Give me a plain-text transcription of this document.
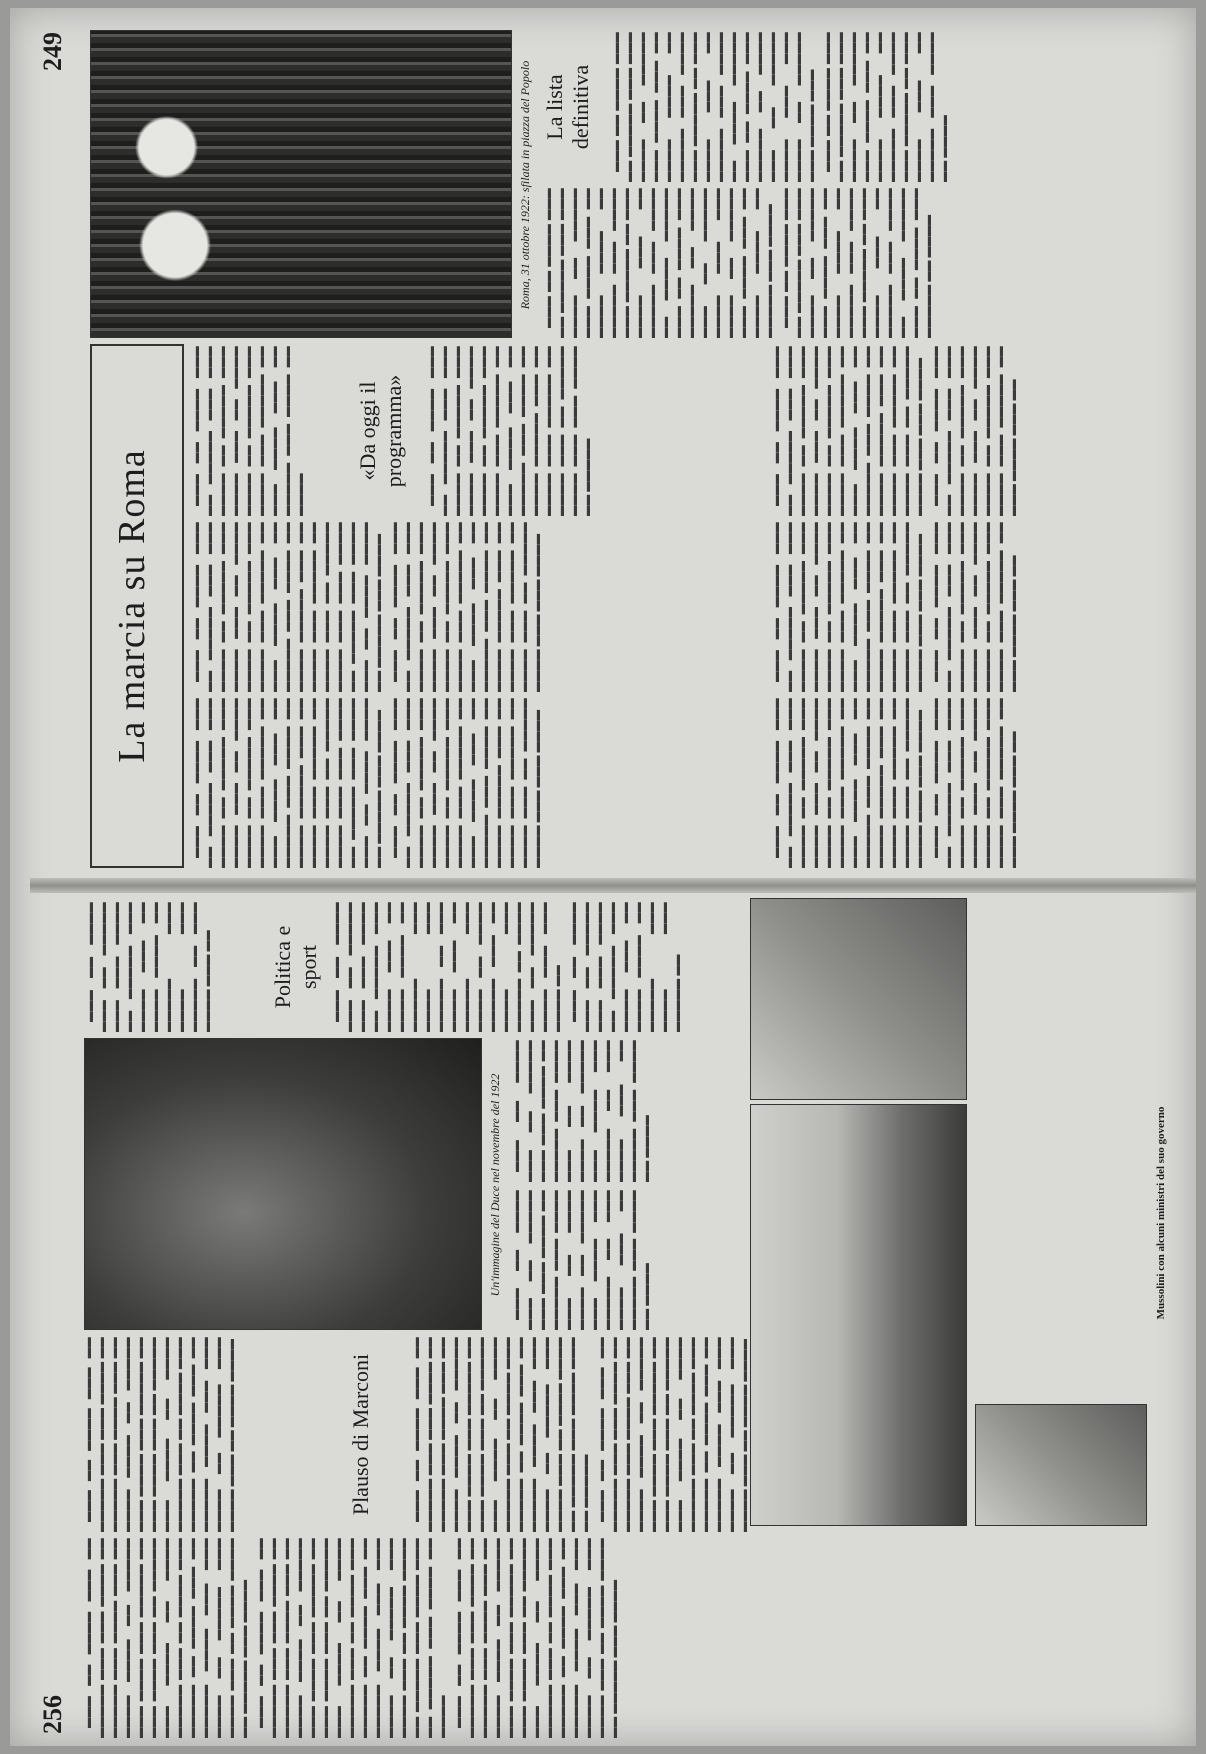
256 ▬▬▬ ▬▬ ▬▬▬▬ ▬▬▬ ▬▬ ▬▬▬▬▬ ▬▬▬ ▬▬▬ ▬▬▬▬ ▬▬ ▬▬▬▬▬ ▬▬▬ ▬▬▬▬ ▬▬▬ ▬▬ ▬▬▬▬ ▬▬▬▬ ▬▬ ▬▬▬▬▬ ▬▬▬ ▬▬▬▬ ▬▬▬ ▬▬▬▬▬ ▬▬ ▬▬▬ ▬▬▬▬ ▬▬▬ ▬▬ ▬▬▬▬▬ ▬▬▬ ▬▬▬▬ ▬▬ ▬▬▬▬ ▬▬▬▬▬ ▬▬▬ ▬▬ ▬▬▬▬ ▬▬▬ ▬▬▬▬▬ ▬▬ ▬▬▬▬ ▬▬▬ ▬▬ ▬▬▬▬▬ ▬▬▬▬ ▬▬▬ ▬▬▬ ▬▬▬▬ ▬▬ ▬▬▬▬▬ ▬▬▬ ▬▬▬▬ ▬▬▬ ▬▬ ▬▬▬▬ ▬▬▬▬ ▬▬ ▬▬▬▬▬ ▬▬▬ ▬▬▬▬ ▬▬▬ ▬▬ ▬▬▬▬ ▬▬▬ ▬▬ ▬▬▬▬▬ ▬▬▬ ▬▬▬ ▬▬▬▬ ▬▬ ▬▬▬▬▬ ▬▬▬ ▬▬▬▬ ▬▬▬ ▬▬ ▬▬▬▬ ▬▬▬▬ ▬▬ ▬▬▬▬▬ ▬▬▬ ▬▬▬▬ ▬▬▬ ▬▬▬▬▬ ▬▬ ▬▬▬ ▬▬▬▬ ▬▬▬ ▬▬ ▬▬▬▬▬ ▬▬▬ ▬▬▬▬ ▬▬ ▬▬▬▬ ▬▬▬▬▬ ▬▬▬ ▬▬ ▬▬▬▬ ▬▬▬ ▬▬▬▬▬ ▬▬ ▬▬▬▬ ▬▬▬ ▬▬ ▬▬▬▬▬ ▬▬▬▬ ▬▬▬ ▬▬▬ ▬▬▬▬ ▬▬ ▬▬▬▬▬ ▬▬▬ ▬▬▬▬ ▬▬▬ ▬▬ ▬▬▬▬ ▬▬▬▬ ▬▬ ▬▬▬▬▬ ▬▬▬ ▬▬▬▬ ▬▬▬ ▬▬ ▬▬▬▬▬ ▬▬▬ ▬▬▬▬ ▬▬ ▬▬▬▬ ▬▬▬ ▬▬ ▬▬▬▬ ▬▬▬ ▬▬ ▬▬▬▬▬ ▬▬▬ ▬▬▬ ▬▬▬▬ ▬▬ ▬▬▬▬▬ ▬▬▬ ▬▬▬▬ ▬▬▬ ▬▬ ▬▬▬▬ ▬▬▬▬ ▬▬ ▬▬▬▬▬ ▬▬▬ ▬▬▬▬ ▬▬▬ ▬▬▬▬▬ ▬▬ ▬▬▬ ▬▬▬▬ ▬▬▬ ▬▬ ▬▬▬▬▬ ▬▬▬ ▬▬▬▬ ▬▬ ▬▬▬▬ ▬▬▬▬▬ ▬▬▬ ▬▬ ▬▬▬▬ ▬▬▬ ▬▬▬▬▬ ▬▬ ▬▬▬▬ ▬▬▬ ▬▬ ▬▬▬▬▬ ▬▬▬▬ ▬▬▬ ▬▬▬ ▬▬▬▬ ▬▬ ▬▬▬▬▬ ▬▬▬ ▬▬▬▬ ▬▬▬ ▬▬ ▬▬▬▬ ▬▬▬▬ ▬▬ ▬▬▬▬▬ ▬▬▬ ▬▬▬▬

▬▬▬ ▬▬ ▬▬▬▬ ▬▬▬ ▬▬ ▬▬▬▬▬ ▬▬▬ ▬▬▬ ▬▬▬▬ ▬▬ ▬▬▬▬▬ ▬▬▬ ▬▬▬▬ ▬▬▬ ▬▬ ▬▬▬▬ ▬▬▬▬ ▬▬ ▬▬▬▬▬ ▬▬▬ ▬▬▬▬ ▬▬▬ ▬▬▬▬▬ ▬▬ ▬▬▬ ▬▬▬▬ ▬▬▬ ▬▬ ▬▬▬▬▬ ▬▬▬ ▬▬▬▬ ▬▬ ▬▬▬▬ ▬▬▬▬▬ ▬▬▬ ▬▬ ▬▬▬▬ ▬▬▬ ▬▬▬▬▬ ▬▬ ▬▬▬▬ ▬▬▬ ▬▬ ▬▬▬▬▬ ▬▬▬▬ ▬▬▬ ▬▬▬ ▬▬▬▬ ▬▬ ▬▬▬▬▬ ▬▬▬ ▬▬▬▬ ▬▬▬ ▬▬ ▬▬▬▬ ▬▬▬▬	Plauso di Marconi	▬▬▬ ▬▬ ▬▬▬▬ ▬▬▬ ▬▬ ▬▬▬▬▬ ▬▬▬ ▬▬▬ ▬▬▬▬ ▬▬ ▬▬▬▬▬ ▬▬▬ ▬▬▬▬ ▬▬▬ ▬▬ ▬▬▬▬ ▬▬▬▬ ▬▬ ▬▬▬▬▬ ▬▬▬ ▬▬▬▬ ▬▬▬ ▬▬▬▬▬ ▬▬ ▬▬▬ ▬▬▬▬ ▬▬▬ ▬▬ ▬▬▬▬▬ ▬▬▬ ▬▬▬▬ ▬▬ ▬▬▬▬ ▬▬▬▬▬ ▬▬▬ ▬▬ ▬▬▬▬ ▬▬▬ ▬▬▬▬▬ ▬▬ ▬▬▬▬ ▬▬▬ ▬▬ ▬▬▬▬▬ ▬▬▬▬ ▬▬▬ ▬▬▬ ▬▬▬▬ ▬▬ ▬▬▬▬▬ ▬▬▬ ▬▬▬▬ ▬▬▬ ▬▬ ▬▬▬▬ ▬▬▬▬ ▬▬ ▬▬▬▬▬ ▬▬▬ ▬▬▬▬ ▬▬▬ ▬▬ ▬▬▬▬▬ ▬▬▬ ▬▬ ▬▬▬▬ ▬▬▬ ▬▬ ▬▬▬▬▬ ▬▬▬ ▬▬▬ ▬▬▬▬ ▬▬ ▬▬▬▬▬ ▬▬▬ ▬▬▬▬ ▬▬▬ ▬▬ ▬▬▬▬ ▬▬▬▬ ▬▬ ▬▬▬▬▬ ▬▬▬ ▬▬▬▬ ▬▬▬ ▬▬▬▬▬ ▬▬ ▬▬▬ ▬▬▬▬ ▬▬▬ ▬▬ ▬▬▬▬▬ ▬▬▬ ▬▬▬▬ ▬▬ ▬▬▬▬ ▬▬▬▬▬ ▬▬▬ ▬▬ ▬▬▬▬ ▬▬▬ ▬▬▬▬▬ ▬▬ ▬▬▬▬ ▬▬▬ ▬▬ ▬▬▬▬▬ ▬▬▬▬ ▬▬▬ ▬▬▬ ▬▬▬▬ ▬▬ ▬▬▬▬▬ ▬▬▬ ▬▬▬▬ ▬▬▬ ▬▬ ▬▬▬▬ ▬▬▬▬

Un'immagine del Duce nel novembre del 1922 ▬▬▬ ▬▬ ▬▬▬▬ ▬▬▬ ▬▬ ▬▬▬▬▬ ▬▬▬ ▬▬▬ ▬▬▬▬ ▬▬ ▬▬▬▬▬ ▬▬▬ ▬▬▬▬ ▬▬▬ ▬▬ ▬▬▬▬ ▬▬▬▬ ▬▬ ▬▬▬▬▬ ▬▬▬ ▬▬▬▬ ▬▬▬ ▬▬▬▬▬ ▬▬ ▬▬▬ ▬▬▬▬ ▬▬▬ ▬▬ ▬▬▬▬▬ ▬▬▬ ▬▬▬▬ ▬▬ ▬▬▬▬

▬▬▬ ▬▬ ▬▬▬▬ ▬▬▬ ▬▬ ▬▬▬▬▬ ▬▬▬ ▬▬▬ ▬▬▬▬ ▬▬ ▬▬▬▬▬ ▬▬▬ ▬▬▬▬ ▬▬▬ ▬▬ ▬▬▬▬ ▬▬▬▬ ▬▬ ▬▬▬▬▬ ▬▬▬ ▬▬▬▬ ▬▬▬ ▬▬▬▬▬ ▬▬ ▬▬▬ ▬▬▬▬ ▬▬▬ ▬▬ ▬▬▬▬▬ ▬▬▬ ▬▬▬▬ ▬▬ ▬▬▬▬

▬▬▬ ▬▬ ▬▬▬▬ ▬▬▬ ▬▬ ▬▬▬▬▬ ▬▬▬ ▬▬▬ ▬▬▬▬ ▬▬ ▬▬▬▬▬ ▬▬▬ ▬▬▬▬ ▬▬▬ ▬▬ ▬▬▬▬ ▬▬▬▬ ▬▬ ▬▬▬▬▬ ▬▬▬ ▬▬▬▬ ▬▬▬ ▬▬▬▬▬ ▬▬ ▬▬▬ ▬▬▬▬ ▬▬▬ ▬▬	Politica e sport ▬▬▬ ▬▬ ▬▬▬▬ ▬▬▬ ▬▬ ▬▬▬▬▬ ▬▬▬ ▬▬▬ ▬▬▬▬ ▬▬ ▬▬▬▬▬ ▬▬▬ ▬▬▬▬ ▬▬▬ ▬▬ ▬▬▬▬ ▬▬▬▬ ▬▬ ▬▬▬▬▬ ▬▬▬ ▬▬▬▬ ▬▬▬ ▬▬▬▬▬ ▬▬ ▬▬▬ ▬▬▬▬ ▬▬▬ ▬▬ ▬▬▬▬▬ ▬▬▬ ▬▬▬▬ ▬▬ ▬▬▬▬ ▬▬▬▬▬ ▬▬▬ ▬▬ ▬▬▬▬ ▬▬▬ ▬▬▬▬▬ ▬▬ ▬▬▬▬ ▬▬▬ ▬▬ ▬▬▬▬▬ ▬▬▬▬ ▬▬▬ ▬▬▬ ▬▬▬▬ ▬▬ ▬▬▬ ▬▬ ▬▬▬▬ ▬▬▬ ▬▬ ▬▬▬▬▬ ▬▬▬ ▬▬▬ ▬▬▬▬ ▬▬ ▬▬▬▬▬ ▬▬▬ ▬▬▬▬ ▬▬▬ ▬▬ ▬▬▬▬ ▬▬▬▬ ▬▬ ▬▬▬▬▬ ▬▬▬ ▬▬▬▬ ▬▬▬ ▬▬▬▬▬ ▬▬

Mussolini con alcuni ministri del suo governo
249
La marcia su Roma

▬▬▬ ▬▬ ▬▬▬▬ ▬▬▬ ▬▬ ▬▬▬▬▬ ▬▬▬ ▬▬▬ ▬▬▬▬ ▬▬ ▬▬▬▬▬ ▬▬▬ ▬▬▬▬ ▬▬▬ ▬▬ ▬▬▬▬ ▬▬▬▬ ▬▬ ▬▬▬▬▬ ▬▬▬ ▬▬▬▬ ▬▬▬ ▬▬▬▬▬ ▬▬ ▬▬▬ ▬▬▬▬ ▬▬▬ ▬▬ ▬▬▬▬▬ ▬▬▬ ▬▬▬▬ ▬▬ ▬▬▬▬ ▬▬▬▬▬ ▬▬▬ ▬▬ ▬▬▬▬ ▬▬▬ ▬▬▬▬▬ ▬▬ ▬▬▬▬ ▬▬▬ ▬▬ ▬▬▬▬▬ ▬▬▬▬ ▬▬▬ ▬▬▬ ▬▬▬▬ ▬▬ ▬▬▬▬▬ ▬▬▬ ▬▬▬▬ ▬▬▬ ▬▬ ▬▬▬▬ ▬▬▬▬ ▬▬ ▬▬▬▬▬ ▬▬▬ ▬▬▬▬ ▬▬▬ ▬▬ ▬▬▬▬ ▬▬▬ ▬▬ ▬▬▬▬▬ ▬▬▬ ▬▬▬ ▬▬▬▬ ▬▬ ▬▬▬▬▬ ▬▬▬ ▬▬▬▬ ▬▬▬ ▬▬ ▬▬▬▬ ▬▬▬▬ ▬▬ ▬▬▬▬▬ ▬▬▬ ▬▬▬▬ ▬▬▬ ▬▬▬▬▬ ▬▬ ▬▬▬ ▬▬▬▬ ▬▬▬ ▬▬ ▬▬▬▬▬ ▬▬▬ ▬▬▬▬ ▬▬ ▬▬▬▬ ▬▬▬▬▬ ▬▬▬ ▬▬ ▬▬▬▬ ▬▬▬ ▬▬▬▬▬ ▬▬ ▬▬▬▬ ▬▬▬ ▬▬ ▬▬▬▬▬ ▬▬▬▬ ▬▬▬ ▬▬▬ ▬▬▬▬

▬▬▬ ▬▬ ▬▬▬▬ ▬▬▬ ▬▬ ▬▬▬▬▬ ▬▬▬ ▬▬▬ ▬▬▬▬ ▬▬ ▬▬▬▬▬ ▬▬▬ ▬▬▬▬ ▬▬▬ ▬▬ ▬▬▬▬ ▬▬▬▬ ▬▬ ▬▬▬▬▬ ▬▬▬ ▬▬▬▬ ▬▬▬ ▬▬▬▬▬ ▬▬ ▬▬▬ ▬▬▬▬ ▬▬▬ ▬▬ ▬▬▬▬▬ ▬▬▬ ▬▬▬▬ ▬▬ ▬▬▬▬ ▬▬▬▬▬ ▬▬▬ ▬▬ ▬▬▬▬ ▬▬▬ ▬▬▬▬▬ ▬▬ ▬▬▬▬ ▬▬▬ ▬▬ ▬▬▬▬▬ ▬▬▬▬ ▬▬▬ ▬▬▬ ▬▬▬▬ ▬▬ ▬▬▬▬▬ ▬▬▬ ▬▬▬▬ ▬▬▬ ▬▬ ▬▬▬▬ ▬▬▬▬ ▬▬ ▬▬▬▬▬ ▬▬▬ ▬▬▬▬ ▬▬▬ ▬▬ ▬▬▬▬ ▬▬▬ ▬▬ ▬▬▬▬▬ ▬▬▬ ▬▬▬ ▬▬▬▬ ▬▬ ▬▬▬▬▬ ▬▬▬ ▬▬▬▬ ▬▬▬ ▬▬ ▬▬▬▬ ▬▬▬▬ ▬▬ ▬▬▬▬▬ ▬▬▬ ▬▬▬▬ ▬▬▬ ▬▬▬▬▬ ▬▬ ▬▬▬ ▬▬▬▬ ▬▬▬ ▬▬ ▬▬▬▬▬ ▬▬▬ ▬▬▬▬ ▬▬ ▬▬▬▬ ▬▬▬▬▬ ▬▬▬ ▬▬ ▬▬▬▬ ▬▬▬ ▬▬▬▬▬ ▬▬ ▬▬▬▬ ▬▬▬ ▬▬ ▬▬▬▬▬ ▬▬▬▬ ▬▬▬ ▬▬▬ ▬▬▬▬

▬▬▬ ▬▬ ▬▬▬▬ ▬▬▬ ▬▬ ▬▬▬▬▬ ▬▬▬ ▬▬▬ ▬▬▬▬ ▬▬ ▬▬▬▬▬ ▬▬▬ ▬▬▬▬ ▬▬▬ ▬▬ ▬▬▬▬ ▬▬▬▬ ▬▬ ▬▬▬▬▬ ▬▬▬ ▬▬▬▬ ▬▬▬ ▬▬▬▬▬ ▬▬ ▬▬▬ ▬▬▬▬ ▬▬▬ ▬▬ ▬▬▬▬▬ ▬▬▬ ▬▬▬▬ ▬▬ ▬▬▬▬

«Da oggi il programma» ▬▬▬ ▬▬ ▬▬▬▬ ▬▬▬ ▬▬ ▬▬▬▬▬ ▬▬▬ ▬▬▬ ▬▬▬▬ ▬▬ ▬▬▬▬▬ ▬▬▬ ▬▬▬▬ ▬▬▬ ▬▬ ▬▬▬▬ ▬▬▬▬ ▬▬ ▬▬▬▬▬ ▬▬▬ ▬▬▬▬ ▬▬▬ ▬▬▬▬▬ ▬▬ ▬▬▬ ▬▬▬▬ ▬▬▬ ▬▬ ▬▬▬▬▬ ▬▬▬ ▬▬▬▬ ▬▬ ▬▬▬▬ ▬▬▬▬▬ ▬▬▬ ▬▬ ▬▬▬▬ ▬▬▬ ▬▬▬▬▬ ▬▬ ▬▬▬▬ ▬▬▬ ▬▬ ▬▬▬▬▬ ▬▬▬▬ ▬▬▬ ▬▬▬ ▬▬▬▬ ▬▬ ▬▬▬▬▬

Roma, 31 ottobre 1922: sfilata in piazza del Popolo

▬▬▬ ▬▬ ▬▬▬▬ ▬▬▬ ▬▬ ▬▬▬▬▬ ▬▬▬ ▬▬▬ ▬▬▬▬ ▬▬ ▬▬▬▬▬ ▬▬▬ ▬▬▬▬ ▬▬▬ ▬▬ ▬▬▬▬ ▬▬▬▬ ▬▬ ▬▬▬▬▬ ▬▬▬ ▬▬▬▬ ▬▬▬ ▬▬▬▬▬ ▬▬ ▬▬▬ ▬▬▬▬ ▬▬▬ ▬▬ ▬▬▬▬▬ ▬▬▬ ▬▬▬▬ ▬▬ ▬▬▬▬ ▬▬▬▬▬ ▬▬▬ ▬▬ ▬▬▬▬ ▬▬▬ ▬▬▬▬▬ ▬▬ ▬▬▬▬ ▬▬▬ ▬▬ ▬▬▬▬▬ ▬▬▬▬ ▬▬▬ ▬▬▬ ▬▬▬▬ ▬▬▬ ▬▬ ▬▬▬▬ ▬▬▬ ▬▬ ▬▬▬▬▬ ▬▬▬ ▬▬▬ ▬▬▬▬ ▬▬ ▬▬▬▬▬ ▬▬▬ ▬▬▬▬ ▬▬▬ ▬▬ ▬▬▬▬ ▬▬▬▬ ▬▬ ▬▬▬▬▬ ▬▬▬ ▬▬▬▬ ▬▬▬ ▬▬▬▬▬ ▬▬ ▬▬▬ ▬▬▬▬ ▬▬▬ ▬▬

▬▬▬ ▬▬ ▬▬▬▬ ▬▬▬ ▬▬ ▬▬▬▬▬ ▬▬▬ ▬▬▬ ▬▬▬▬ ▬▬ ▬▬▬▬▬ ▬▬▬ ▬▬▬▬ ▬▬▬ ▬▬ ▬▬▬▬ ▬▬▬▬ ▬▬ ▬▬▬▬▬ ▬▬▬ ▬▬▬▬ ▬▬▬ ▬▬▬▬▬ ▬▬ ▬▬▬ ▬▬▬▬ ▬▬▬ ▬▬ ▬▬▬▬▬ ▬▬▬ ▬▬▬▬ ▬▬ ▬▬▬▬ ▬▬▬▬▬ ▬▬▬ ▬▬ ▬▬▬▬ ▬▬▬ ▬▬▬▬▬ ▬▬ ▬▬▬▬ ▬▬▬ ▬▬ ▬▬▬▬▬ ▬▬▬▬ ▬▬▬ ▬▬▬ ▬▬▬▬ ▬▬▬ ▬▬ ▬▬▬▬ ▬▬▬ ▬▬ ▬▬▬▬▬ ▬▬▬ ▬▬▬ ▬▬▬▬ ▬▬ ▬▬▬▬▬ ▬▬▬ ▬▬▬▬ ▬▬▬ ▬▬ ▬▬▬▬ ▬▬▬▬ ▬▬ ▬▬▬▬▬ ▬▬▬ ▬▬▬▬ ▬▬▬ ▬▬▬▬▬ ▬▬ ▬▬▬ ▬▬▬▬ ▬▬▬ ▬▬

▬▬▬ ▬▬ ▬▬▬▬ ▬▬▬ ▬▬ ▬▬▬▬▬ ▬▬▬ ▬▬▬ ▬▬▬▬ ▬▬ ▬▬▬▬▬ ▬▬▬ ▬▬▬▬ ▬▬▬ ▬▬ ▬▬▬▬ ▬▬▬▬ ▬▬ ▬▬▬▬▬ ▬▬▬ ▬▬▬▬ ▬▬▬ ▬▬▬▬▬ ▬▬ ▬▬▬ ▬▬▬▬ ▬▬▬ ▬▬ ▬▬▬▬▬ ▬▬▬ ▬▬▬▬ ▬▬ ▬▬▬▬ ▬▬▬▬▬ ▬▬▬ ▬▬ ▬▬▬▬ ▬▬▬ ▬▬▬▬▬ ▬▬ ▬▬▬▬ ▬▬▬ ▬▬ ▬▬▬▬▬ ▬▬▬▬ ▬▬▬ ▬▬▬ ▬▬▬▬ ▬▬▬ ▬▬ ▬▬▬▬ ▬▬▬ ▬▬ ▬▬▬▬▬ ▬▬▬ ▬▬▬ ▬▬▬▬ ▬▬ ▬▬▬▬▬ ▬▬▬ ▬▬▬▬ ▬▬▬ ▬▬ ▬▬▬▬ ▬▬▬▬ ▬▬ ▬▬▬▬▬ ▬▬▬ ▬▬▬▬ ▬▬▬ ▬▬▬▬▬ ▬▬ ▬▬▬ ▬▬▬▬ ▬▬▬ ▬▬

▬▬▬ ▬▬ ▬▬▬▬ ▬▬▬ ▬▬ ▬▬▬▬▬ ▬▬▬ ▬▬▬ ▬▬▬▬ ▬▬ ▬▬▬▬▬ ▬▬▬ ▬▬▬▬ ▬▬▬ ▬▬ ▬▬▬▬ ▬▬▬▬ ▬▬ ▬▬▬▬▬ ▬▬▬ ▬▬▬▬ ▬▬▬ ▬▬▬▬▬ ▬▬ ▬▬▬ ▬▬▬▬ ▬▬▬ ▬▬ ▬▬▬▬▬ ▬▬▬ ▬▬▬▬ ▬▬ ▬▬▬▬ ▬▬▬▬▬ ▬▬▬ ▬▬ ▬▬▬▬ ▬▬▬ ▬▬▬▬▬ ▬▬ ▬▬▬▬ ▬▬▬ ▬▬ ▬▬▬▬▬ ▬▬▬▬ ▬▬▬ ▬▬▬ ▬▬▬▬ ▬▬ ▬▬▬▬▬ ▬▬▬ ▬▬▬▬ ▬▬▬ ▬▬ ▬▬▬▬ ▬▬▬▬ ▬▬ ▬▬▬▬▬ ▬▬▬ ▬▬▬▬ ▬▬▬ ▬▬ ▬▬▬▬ ▬▬▬ ▬▬ ▬▬▬▬▬ ▬▬▬ ▬▬▬ ▬▬▬▬ ▬▬ ▬▬▬▬▬ ▬▬▬ ▬▬▬▬ ▬▬▬ ▬▬ ▬▬▬▬ ▬▬▬▬ ▬▬ ▬▬▬▬▬ ▬▬▬ ▬▬▬▬ ▬▬▬ ▬▬▬▬▬ ▬▬ ▬▬▬ ▬▬▬▬ ▬▬▬ ▬▬ ▬▬▬▬▬ ▬▬▬ ▬▬▬▬ ▬▬ ▬▬▬▬ ▬▬▬▬▬ ▬▬▬ ▬▬ ▬▬▬▬ ▬▬▬ ▬▬▬▬▬ ▬▬ ▬▬▬▬

La lista definitiva ▬▬▬ ▬▬ ▬▬▬▬ ▬▬▬ ▬▬ ▬▬▬▬▬ ▬▬▬ ▬▬▬ ▬▬▬▬ ▬▬ ▬▬▬▬▬ ▬▬▬ ▬▬▬▬ ▬▬▬ ▬▬ ▬▬▬▬ ▬▬▬▬ ▬▬ ▬▬▬▬▬ ▬▬▬ ▬▬▬▬ ▬▬▬ ▬▬▬▬▬ ▬▬ ▬▬▬ ▬▬▬▬ ▬▬▬ ▬▬ ▬▬▬▬▬ ▬▬▬ ▬▬▬▬ ▬▬ ▬▬▬▬ ▬▬▬▬▬ ▬▬▬ ▬▬ ▬▬▬▬ ▬▬▬ ▬▬▬▬▬ ▬▬ ▬▬▬▬ ▬▬▬ ▬▬ ▬▬▬▬▬ ▬▬▬▬ ▬▬▬ ▬▬▬ ▬▬▬▬ ▬▬ ▬▬▬▬▬ ▬▬▬ ▬▬▬▬ ▬▬▬ ▬▬▬ ▬▬ ▬▬▬▬ ▬▬▬ ▬▬ ▬▬▬▬▬ ▬▬▬ ▬▬▬ ▬▬▬▬ ▬▬ ▬▬▬▬▬ ▬▬▬ ▬▬▬▬ ▬▬▬ ▬▬ ▬▬▬▬ ▬▬▬▬ ▬▬ ▬▬▬▬▬ ▬▬▬ ▬▬▬▬ ▬▬▬ ▬▬▬▬▬ ▬▬ ▬▬▬ ▬▬▬▬ ▬▬▬ ▬▬ ▬▬▬▬▬ ▬▬▬ ▬▬▬▬ ▬▬ ▬▬▬▬
